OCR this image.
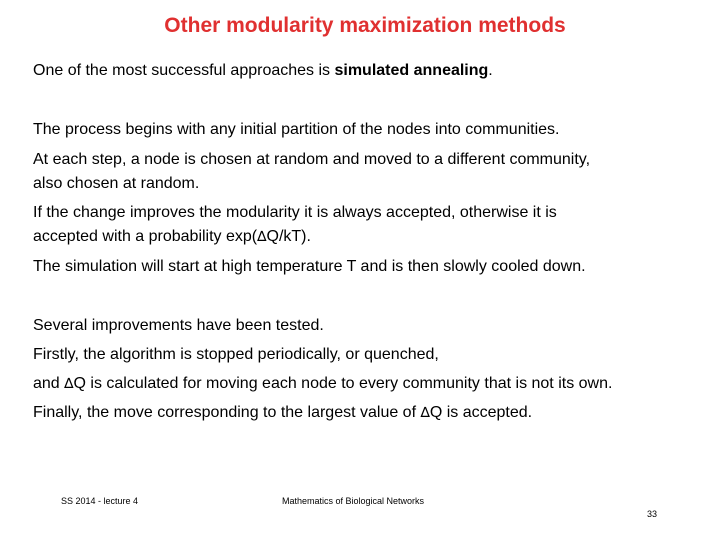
Other modularity maximization methods
One of the most successful approaches is simulated annealing.
The process begins with any initial partition of the nodes into communities.
At each step, a node is chosen at random and moved to a different community,
also chosen at random.
If the change improves the modularity it is always accepted, otherwise it is
accepted with a probability exp(∆Q/kT).
The simulation will start at high temperature T and is then slowly cooled down.
Several improvements have been tested.
Firstly, the algorithm is stopped periodically, or quenched,
and ∆Q is calculated for moving each node to every community that is not its own.
Finally, the move corresponding to the largest value of ∆Q is accepted.
SS 2014 - lecture 4	Mathematics of Biological Networks
33
